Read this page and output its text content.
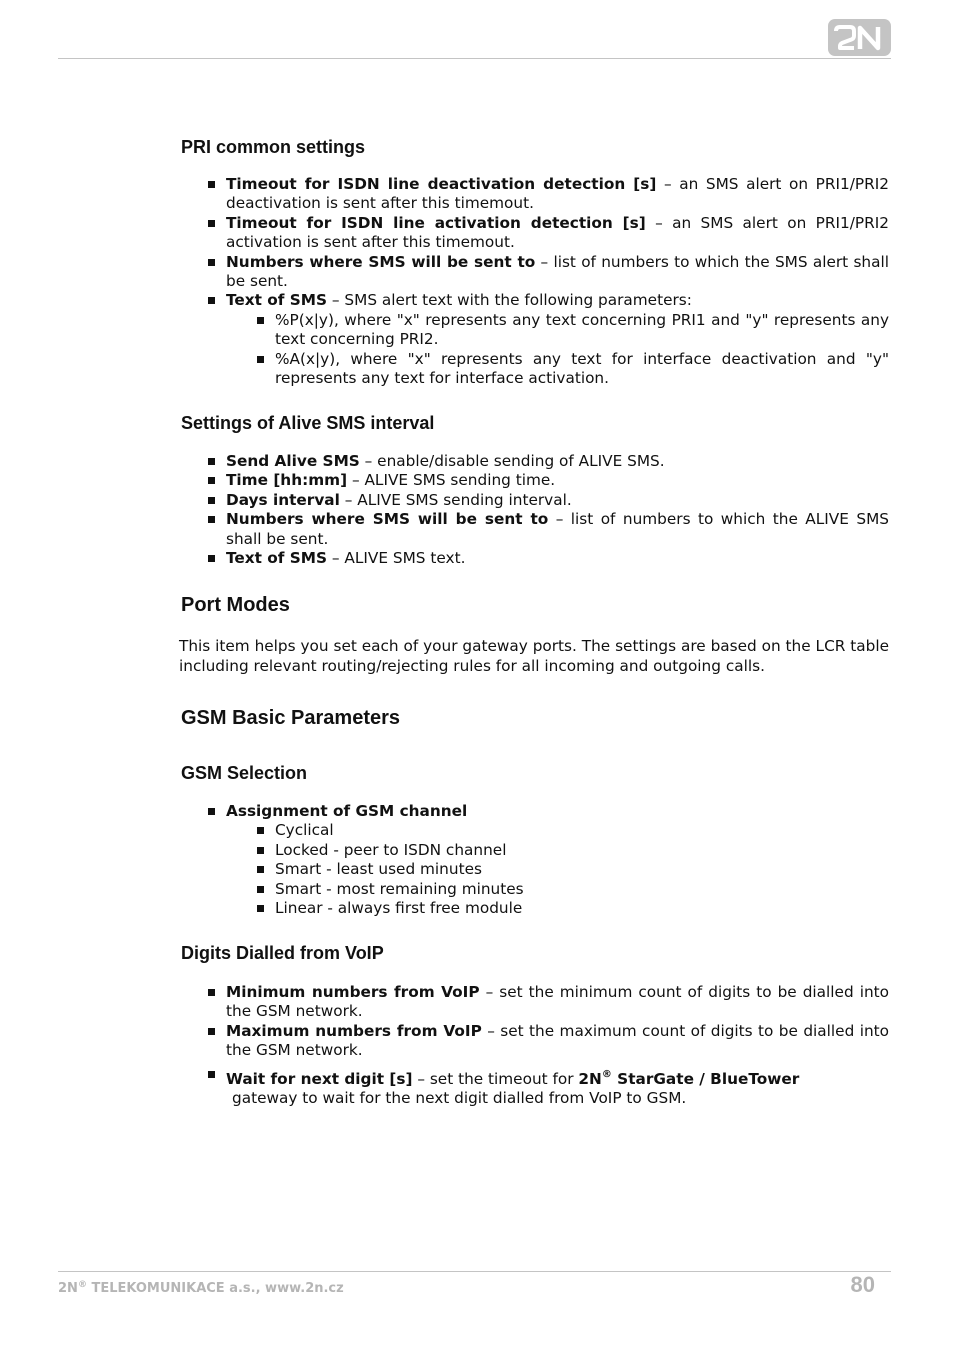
PRI common settings
Timeout for ISDN line deactivation detection [s] – an SMS alert on PRI1/PRI2 deactivation is sent after this timemout.
Timeout for ISDN line activation detection [s] – an SMS alert on PRI1/PRI2 activation is sent after this timemout.
Numbers where SMS will be sent to – list of numbers to which the SMS alert shall be sent.
Text of SMS – SMS alert text with the following parameters:
%P(x|y), where "x" represents any text concerning PRI1 and "y" represents any text concerning PRI2.
%A(x|y), where "x" represents any text for interface deactivation and "y" represents any text for interface activation.
Settings of Alive SMS interval
Send Alive SMS – enable/disable sending of ALIVE SMS.
Time [hh:mm] – ALIVE SMS sending time.
Days interval – ALIVE SMS sending interval.
Numbers where SMS will be sent to – list of numbers to which the ALIVE SMS shall be sent.
Text of SMS – ALIVE SMS text.
Port Modes

This item helps you set each of your gateway ports. The settings are based on the LCR table including relevant routing/rejecting rules for all incoming and outgoing calls.

GSM Basic Parameters
GSM Selection
Assignment of GSM channel
Cyclical
Locked - peer to ISDN channel
Smart - least used minutes
Smart - most remaining minutes
Linear - always first free module
Digits Dialled from VoIP
Minimum numbers from VoIP – set the minimum count of digits to be dialled into the GSM network.
Maximum numbers from VoIP – set the maximum count of digits to be dialled into the GSM network.
Wait for next digit [s] – set the timeout for 2N® StarGate / BlueTower
gateway to wait for the next digit dialled from VoIP to GSM.
2N® TELEKOMUNIKACE a.s., www.2n.cz	80
